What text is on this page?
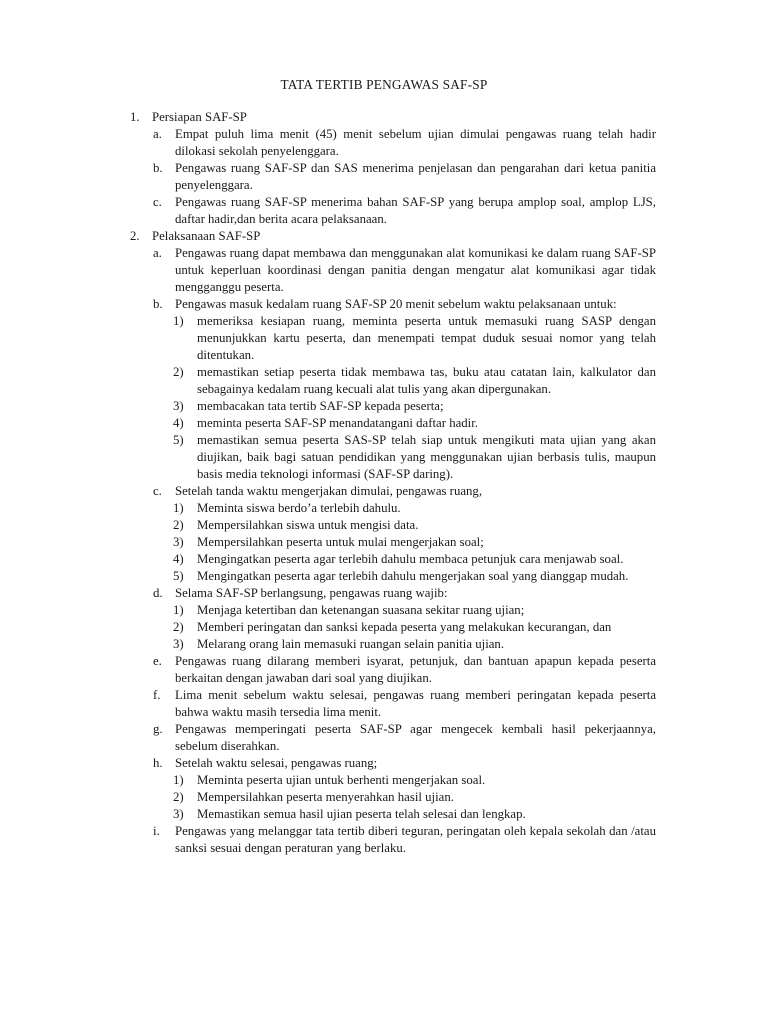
TATA TERTIB PENGAWAS SAF-SP
1. Persiapan SAF-SP
a. Empat puluh lima menit (45) menit sebelum ujian dimulai pengawas ruang telah hadir dilokasi sekolah penyelenggara.
b. Pengawas ruang SAF-SP dan SAS menerima penjelasan dan pengarahan dari ketua panitia penyelenggara.
c. Pengawas ruang SAF-SP menerima bahan SAF-SP yang berupa amplop soal, amplop LJS, daftar hadir,dan berita acara pelaksanaan.
2. Pelaksanaan SAF-SP
a. Pengawas ruang dapat membawa dan menggunakan alat komunikasi ke dalam ruang SAF-SP untuk keperluan koordinasi dengan panitia dengan mengatur alat komunikasi agar tidak mengganggu peserta.
b. Pengawas masuk kedalam ruang SAF-SP 20 menit sebelum waktu pelaksanaan untuk:
1) memeriksa kesiapan ruang, meminta peserta untuk memasuki ruang SASP dengan menunjukkan kartu peserta, dan menempati tempat duduk sesuai nomor yang telah ditentukan.
2) memastikan setiap peserta tidak membawa tas, buku atau catatan lain, kalkulator dan sebagainya kedalam ruang kecuali alat tulis yang akan dipergunakan.
3) membacakan tata tertib SAF-SP kepada peserta;
4) meminta peserta SAF-SP menandatangani daftar hadir.
5) memastikan semua peserta SAS-SP telah siap untuk mengikuti mata ujian yang akan diujikan, baik bagi satuan pendidikan yang menggunakan ujian berbasis tulis, maupun basis media teknologi informasi (SAF-SP daring).
c. Setelah tanda waktu mengerjakan dimulai, pengawas ruang,
1) Meminta siswa berdo’a terlebih dahulu.
2) Mempersilahkan siswa untuk mengisi data.
3) Mempersilahkan peserta untuk mulai mengerjakan soal;
4) Mengingatkan peserta agar terlebih dahulu membaca petunjuk cara menjawab soal.
5) Mengingatkan peserta agar terlebih dahulu mengerjakan soal yang dianggap mudah.
d. Selama SAF-SP berlangsung, pengawas ruang wajib:
1) Menjaga ketertiban dan ketenangan suasana sekitar ruang ujian;
2) Memberi peringatan dan sanksi kepada peserta yang melakukan kecurangan, dan
3) Melarang orang lain memasuki ruangan selain panitia ujian.
e. Pengawas ruang dilarang memberi isyarat, petunjuk, dan bantuan apapun kepada peserta berkaitan dengan jawaban dari soal yang diujikan.
f. Lima menit sebelum waktu selesai, pengawas ruang memberi peringatan kepada peserta bahwa waktu masih tersedia lima menit.
g. Pengawas memperingati peserta SAF-SP agar mengecek kembali hasil pekerjaannya, sebelum diserahkan.
h. Setelah waktu selesai, pengawas ruang;
1) Meminta peserta ujian untuk berhenti mengerjakan soal.
2) Mempersilahkan peserta menyerahkan hasil ujian.
3) Memastikan semua hasil ujian peserta telah selesai dan lengkap.
i. Pengawas yang melanggar tata tertib diberi teguran, peringatan oleh kepala sekolah dan /atau sanksi sesuai dengan peraturan yang berlaku.
